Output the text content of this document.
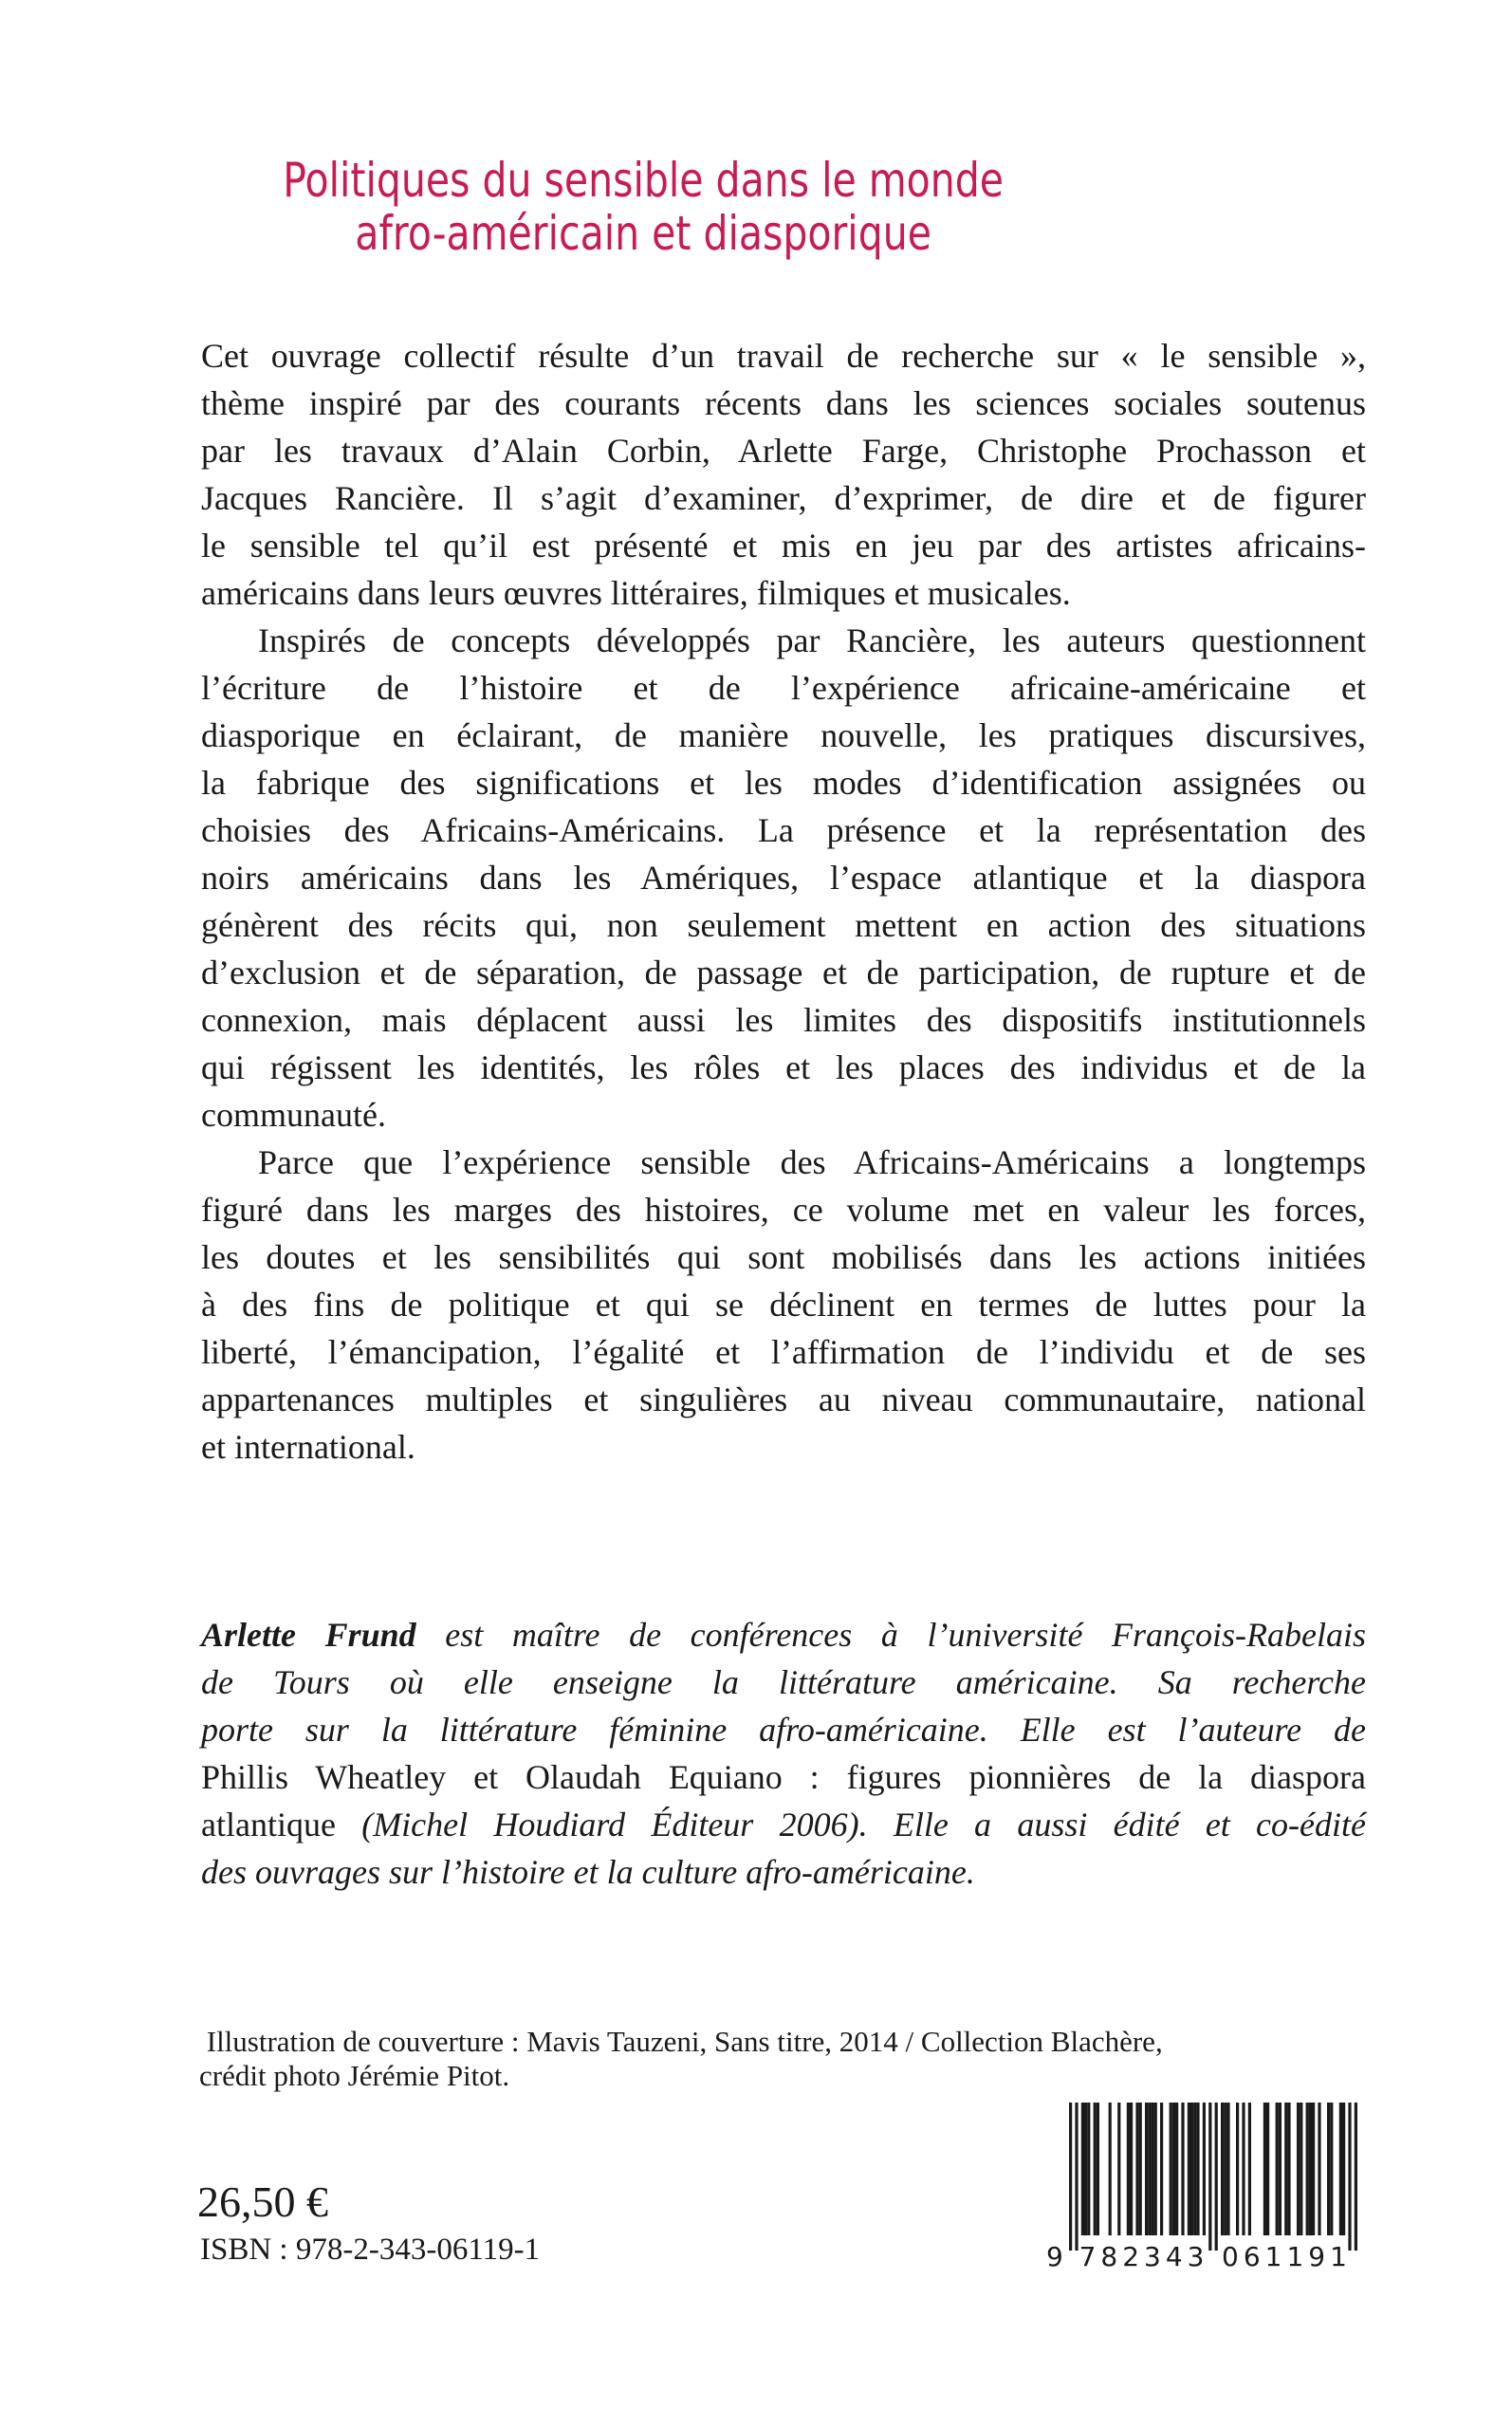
Politiques du sensible dans le monde
afro-américain et diasporique
Cet ouvrage collectif résulte d’un travail de recherche sur « le sensible »,
thème inspiré par des courants récents dans les sciences sociales soutenus
par les travaux d’Alain Corbin, Arlette Farge, Christophe Prochasson et
Jacques Rancière. Il s’agit d’examiner, d’exprimer, de dire et de figurer
le sensible tel qu’il est présenté et mis en jeu par des artistes africains-
américains dans leurs œuvres littéraires, filmiques et musicales.
Inspirés de concepts développés par Rancière, les auteurs questionnent
l’écriture de l’histoire et de l’expérience africaine-américaine et
diasporique en éclairant, de manière nouvelle, les pratiques discursives,
la fabrique des significations et les modes d’identification assignées ou
choisies des Africains-Américains. La présence et la représentation des
noirs américains dans les Amériques, l’espace atlantique et la diaspora
génèrent des récits qui, non seulement mettent en action des situations
d’exclusion et de séparation, de passage et de participation, de rupture et de
connexion, mais déplacent aussi les limites des dispositifs institutionnels
qui régissent les identités, les rôles et les places des individus et de la
communauté.
Parce que l’expérience sensible des Africains-Américains a longtemps
figuré dans les marges des histoires, ce volume met en valeur les forces,
les doutes et les sensibilités qui sont mobilisés dans les actions initiées
à des fins de politique et qui se déclinent en termes de luttes pour la
liberté, l’émancipation, l’égalité et l’affirmation de l’individu et de ses
appartenances multiples et singulières au niveau communautaire, national
et international.
Arlette Frund est maître de conférences à l’université François-Rabelais
de Tours où elle enseigne la littérature américaine. Sa recherche
porte sur la littérature féminine afro-américaine. Elle est l’auteure de
Phillis Wheatley et Olaudah Equiano : figures pionnières de la diaspora
atlantique (Michel Houdiard Éditeur 2006). Elle a aussi édité et co-édité
des ouvrages sur l’histoire et la culture afro-américaine.
Illustration de couverture : Mavis Tauzeni, Sans titre, 2014 / Collection Blachère,
crédit photo Jérémie Pitot.
26,50 €
ISBN : 978-2-343-06119-1	9 782343 061191
